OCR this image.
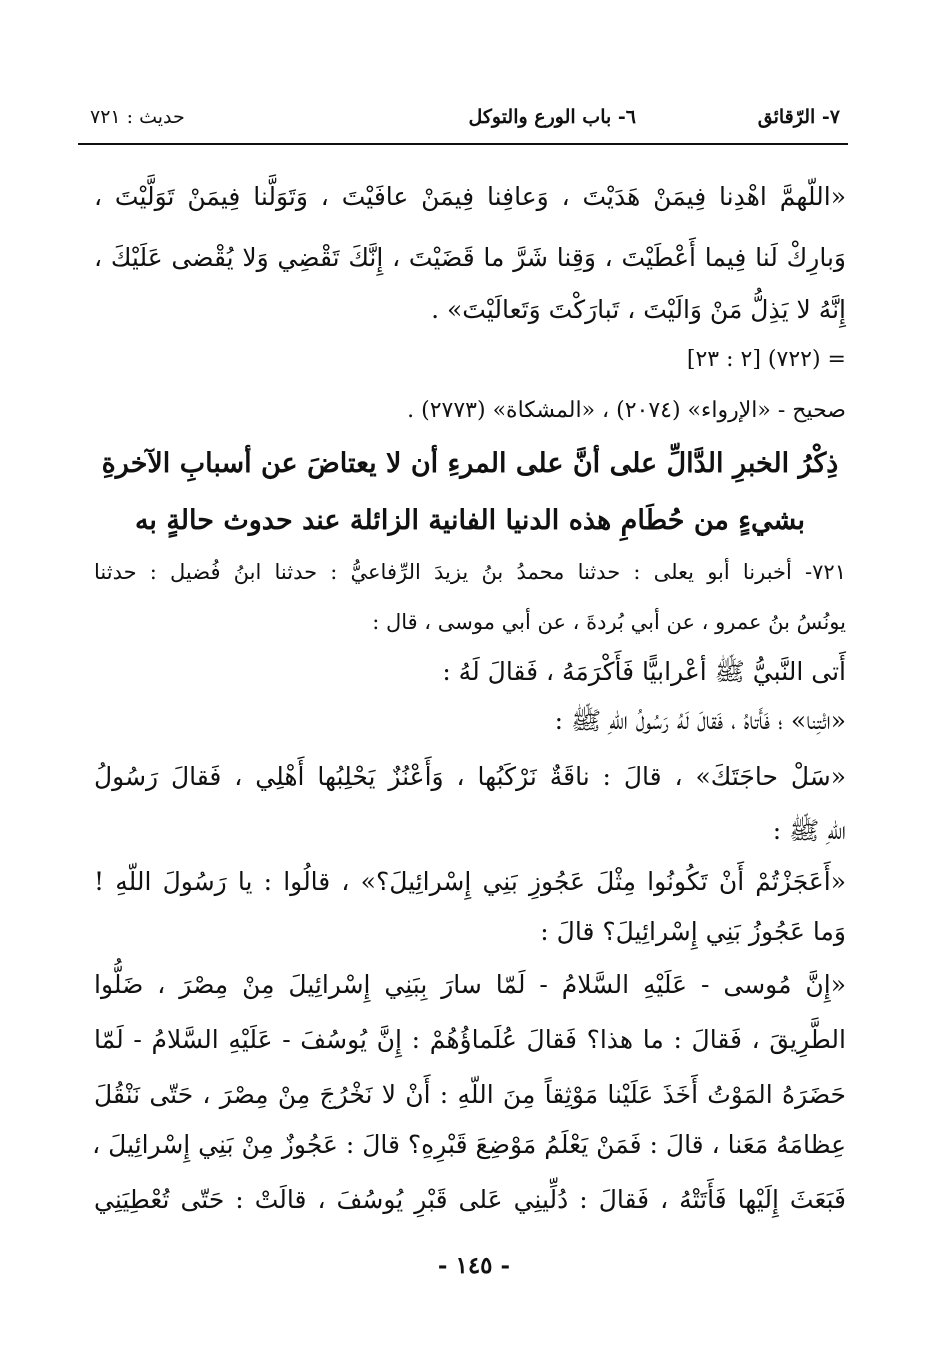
٧- الرّقائق
٦- باب الورع والتوكل
حديث : ٧٢١
«اللّهمَّ اهْدِنا فِيمَنْ هَدَيْتَ ، وَعافِنا فِيمَنْ عافَيْتَ ، وَتَوَلَّنا فِيمَنْ تَوَلَّيْتَ ،
وَبارِكْ لَنا فِيما أَعْطَيْتَ ، وَقِنا شَرَّ ما قَضَيْتَ ، إِنَّكَ تَقْضِي وَلا يُقْضى عَلَيْكَ ،
إِنَّهُ لا يَذِلُّ مَنْ وَالَيْتَ ، تَبارَكْتَ وَتَعالَيْتَ» .
= (٧٢٢) [٢ : ٢٣]
صحيح - «الإرواء» (٢٠٧٤) ، «المشكاة» (٢٧٧٣) .
ذِكْرُ الخبرِ الدَّالِّ على أنَّ على المرءِ أن لا يعتاضَ عن أسبابِ الآخرةِ
بشيءٍ من حُطَامِ هذه الدنيا الفانية الزائلة عند حدوث حالةٍ به
٧٢١- أخبرنا أبو يعلى : حدثنا محمدُ بنُ يزيدَ الرِّفاعيُّ : حدثنا ابنُ فُضيل : حدثنا
يونُسُ بنُ عمرو ، عن أبي بُردةَ ، عن أبي موسى ، قال :
أَتى النَّبيُّ ﷺ أعْرابيًّا فَأَكْرَمَهُ ، فَقالَ لَهُ :
«ائْتِنا» ؛ فَأَتاهُ ، فَقالَ لَهُ رَسُولُ اللّهِ ﷺ :
«سَلْ حاجَتَكَ» ، قالَ : ناقَةٌ نَرْكَبُها ، وَأَعْنُزٌ يَحْلِبُها أَهْلِي ، فَقالَ رَسُولُ
اللّهِ ﷺ :
«أَعَجَزْتُمْ أَنْ تَكُونُوا مِثْلَ عَجُوزِ بَنِي إِسْرائِيلَ؟» ، قالُوا : يا رَسُولَ اللّهِ !
وَما عَجُوزُ بَنِي إِسْرائِيلَ؟ قالَ :
«إِنَّ مُوسى - عَلَيْهِ السَّلامُ - لَمّا سارَ بِبَنِي إِسْرائِيلَ مِنْ مِصْرَ ، ضَلُّوا
الطَّرِيقَ ، فَقالَ : ما هذا؟ فَقالَ عُلَماؤُهُمْ : إِنَّ يُوسُفَ - عَلَيْهِ السَّلامُ - لَمّا
حَضَرَهُ المَوْتُ أَخَذَ عَلَيْنا مَوْثِقاً مِنَ اللّهِ : أَنْ لا نَخْرُجَ مِنْ مِصْرَ ، حَتّى نَنْقُلَ
عِظامَهُ مَعَنا ، قالَ : فَمَنْ يَعْلَمُ مَوْضِعَ قَبْرِهِ؟ قالَ : عَجُوزٌ مِنْ بَنِي إِسْرائِيلَ ،
فَبَعَثَ إِلَيْها فَأَتَتْهُ ، فَقالَ : دُلِّينِي عَلى قَبْرِ يُوسُفَ ، قالَتْ : حَتّى تُعْطِيَنِي
- ١٤٥ -
